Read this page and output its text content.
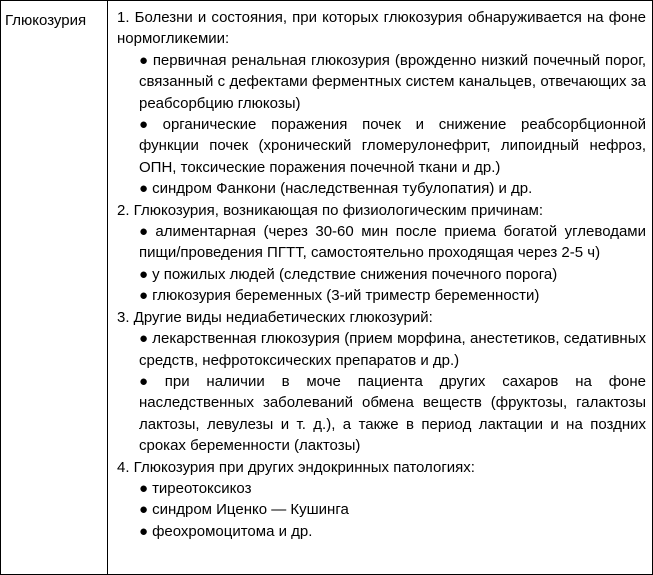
Глюкозурия	1. Болезни и состояния, при которых глюкозурия обнаруживается на фоне нормогликемии:

● первичная ренальная глюкозурия (врожденно низкий почечный порог, связанный с дефектами ферментных систем канальцев, отвечающих за реабсорбцию глюкозы)

● органические поражения почек и снижение реабсорбционной функции почек (хронический гломерулонефрит, липоидный нефроз, ОПН, токсические поражения почечной ткани и др.)

● синдром Фанкони (наследственная тубулопатия) и др.

2. Глюкозурия, возникающая по физиологическим причинам:

● алиментарная (через 30-60 мин после приема богатой углеводами пищи/проведения ПГТТ, самостоятельно проходящая через 2-5 ч)

● у пожилых людей (следствие снижения почечного порога)

● глюкозурия беременных (3-ий триместр беременности)

3. Другие виды недиабетических глюкозурий:

● лекарственная глюкозурия (прием морфина, анестетиков, седативных средств, нефротоксических препаратов и др.)

● при наличии в моче пациента других сахаров на фоне наследственных заболеваний обмена веществ (фруктозы, галактозы лактозы, левулезы и т. д.), а также в период лактации и на поздних сроках беременности (лактозы)

4. Глюкозурия при других эндокринных патологиях:

● тиреотоксикоз

● синдром Иценко — Кушинга

● феохромоцитома и др.
